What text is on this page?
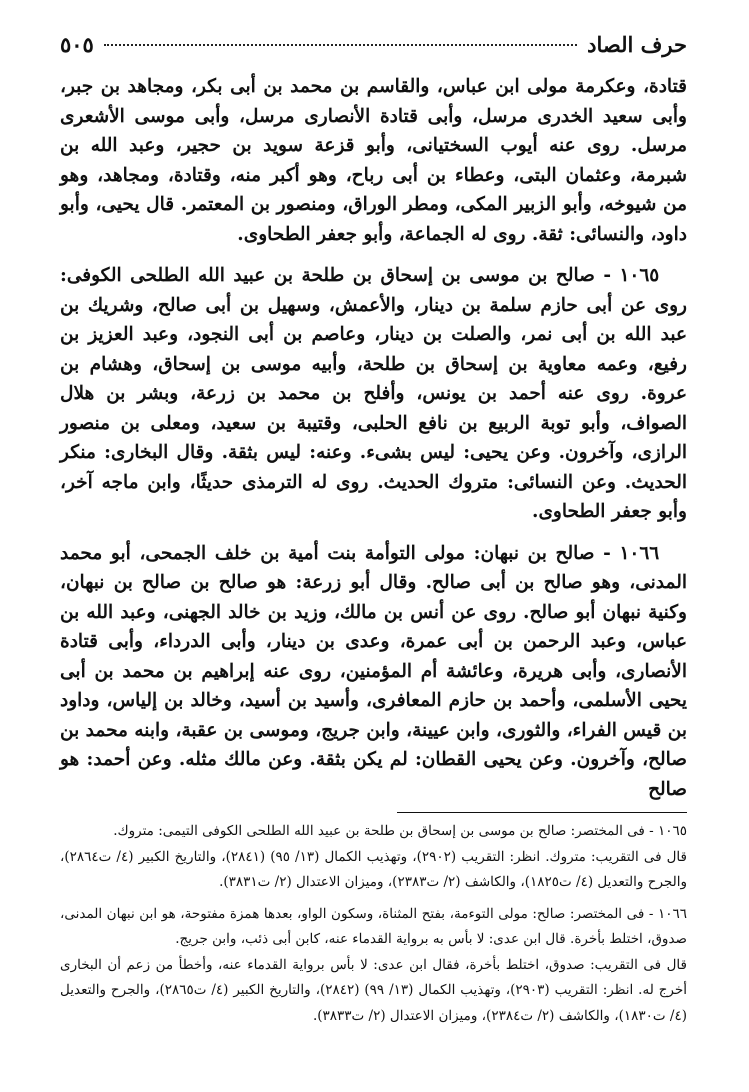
حرف الصاد
٥٠٥

قتادة، وعكرمة مولى ابن عباس، والقاسم بن محمد بن أبى بكر، ومجاهد بن جبر، وأبى سعيد الخدرى مرسل، وأبى قتادة الأنصارى مرسل، وأبى موسى الأشعرى مرسل. روى عنه أيوب السختيانى، وأبو قزعة سويد بن حجير، وعبد الله بن شبرمة، وعثمان البتى، وعطاء بن أبى رباح، وهو أكبر منه، وقتادة، ومجاهد، وهو من شيوخه، وأبو الزبير المكى، ومطر الوراق، ومنصور بن المعتمر. قال يحيى، وأبو داود، والنسائى: ثقة. روى له الجماعة، وأبو جعفر الطحاوى.

١٠٦٥ - صالح بن موسى بن إسحاق بن طلحة بن عبيد الله الطلحى الكوفى: روى عن أبى حازم سلمة بن دينار، والأعمش، وسهيل بن أبى صالح، وشريك بن عبد الله بن أبى نمر، والصلت بن دينار، وعاصم بن أبى النجود، وعبد العزيز بن رفيع، وعمه معاوية بن إسحاق بن طلحة، وأبيه موسى بن إسحاق، وهشام بن عروة. روى عنه أحمد بن يونس، وأفلح بن محمد بن زرعة، وبشر بن هلال الصواف، وأبو توبة الربيع بن نافع الحلبى، وقتيبة بن سعيد، ومعلى بن منصور الرازى، وآخرون. وعن يحيى: ليس بشىء. وعنه: ليس بثقة. وقال البخارى: منكر الحديث. وعن النسائى: متروك الحديث. روى له الترمذى حديثًا، وابن ماجه آخر، وأبو جعفر الطحاوى.

١٠٦٦ - صالح بن نبهان: مولى التوأمة بنت أمية بن خلف الجمحى، أبو محمد المدنى، وهو صالح بن أبى صالح. وقال أبو زرعة: هو صالح بن صالح بن نبهان، وكنية نبهان أبو صالح. روى عن أنس بن مالك، وزيد بن خالد الجهنى، وعبد الله بن عباس، وعبد الرحمن بن أبى عمرة، وعدى بن دينار، وأبى الدرداء، وأبى قتادة الأنصارى، وأبى هريرة، وعائشة أم المؤمنين، روى عنه إبراهيم بن محمد بن أبى يحيى الأسلمى، وأحمد بن حازم المعافرى، وأسيد بن أسيد، وخالد بن إلياس، وداود بن قيس الفراء، والثورى، وابن عيينة، وابن جريج، وموسى بن عقبة، وابنه محمد بن صالح، وآخرون. وعن يحيى القطان: لم يكن بثقة. وعن مالك مثله. وعن أحمد: هو صالح

١٠٦٥ - فى المختصر: صالح بن موسى بن إسحاق بن طلحة بن عبيد الله الطلحى الكوفى التيمى: متروك.

قال فى التقريب: متروك. انظر: التقريب (٢٩٠٢)، وتهذيب الكمال (١٣/ ٩٥) (٢٨٤١)، والتاريخ الكبير (٤/ ت٢٨٦٤)، والجرح والتعديل (٤/ ت١٨٢٥)، والكاشف (٢/ ت٢٣٨٣)، وميزان الاعتدال (٢/ ت٣٨٣١).

١٠٦٦ - فى المختصر: صالح: مولى التوءمة، بفتح المثناة، وسكون الواو، بعدها همزة مفتوحة، هو ابن نبهان المدنى، صدوق، اختلط بأخرة. قال ابن عدى: لا بأس به برواية القدماء عنه، كابن أبى ذئب، وابن جريج.

قال فى التقريب: صدوق، اختلط بأخرة، فقال ابن عدى: لا بأس برواية القدماء عنه، وأخطأ من زعم أن البخارى أخرج له. انظر: التقريب (٢٩٠٣)، وتهذيب الكمال (١٣/ ٩٩) (٢٨٤٢)، والتاريخ الكبير (٤/ ت٢٨٦٥)، والجرح والتعديل (٤/ ت١٨٣٠)، والكاشف (٢/ ت٢٣٨٤)، وميزان الاعتدال (٢/ ت٣٨٣٣).
